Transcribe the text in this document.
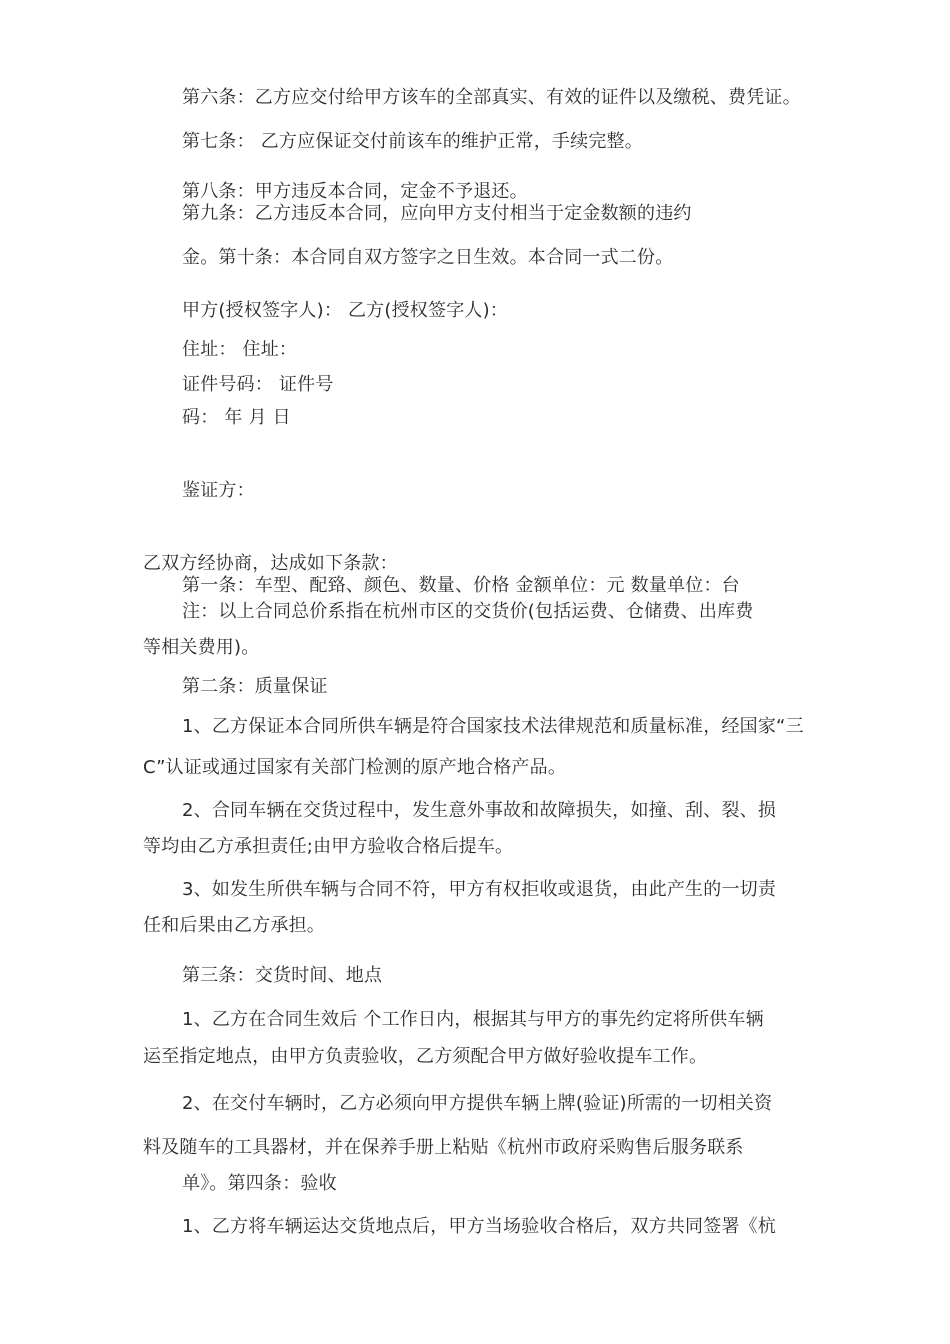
第六条：乙方应交付给甲方该车的全部真实、有效的证件以及缴税、费凭证。
第七条： 乙方应保证交付前该车的维护正常，手续完整。
第八条：甲方违反本合同，定金不予退还。
第九条：乙方违反本合同，应向甲方支付相当于定金数额的违约
金。第十条：本合同自双方签字之日生效。本合同一式二份。
甲方(授权签字人)： 乙方(授权签字人)：
住址： 住址：
证件号码： 证件号
码： 年 月 日
鉴证方：
乙双方经协商，达成如下条款：
第一条：车型、配臵、颜色、数量、价格 金额单位：元 数量单位：台
注：以上合同总价系指在杭州市区的交货价(包括运费、仓储费、出库费
等相关费用)。
第二条：质量保证
1、乙方保证本合同所供车辆是符合国家技术法律规范和质量标准，经国家“三
C”认证或通过国家有关部门检测的原产地合格产品。
2、合同车辆在交货过程中，发生意外事故和故障损失，如撞、刮、裂、损
等均由乙方承担责任;由甲方验收合格后提车。
3、如发生所供车辆与合同不符，甲方有权拒收或退货，由此产生的一切责
任和后果由乙方承担。
第三条：交货时间、地点
1、乙方在合同生效后 个工作日内，根据其与甲方的事先约定将所供车辆
运至指定地点，由甲方负责验收，乙方须配合甲方做好验收提车工作。
2、在交付车辆时，乙方必须向甲方提供车辆上牌(验证)所需的一切相关资
料及随车的工具器材，并在保养手册上粘贴《杭州市政府采购售后服务联系
单》。第四条：验收
1、乙方将车辆运达交货地点后，甲方当场验收合格后，双方共同签署《杭
